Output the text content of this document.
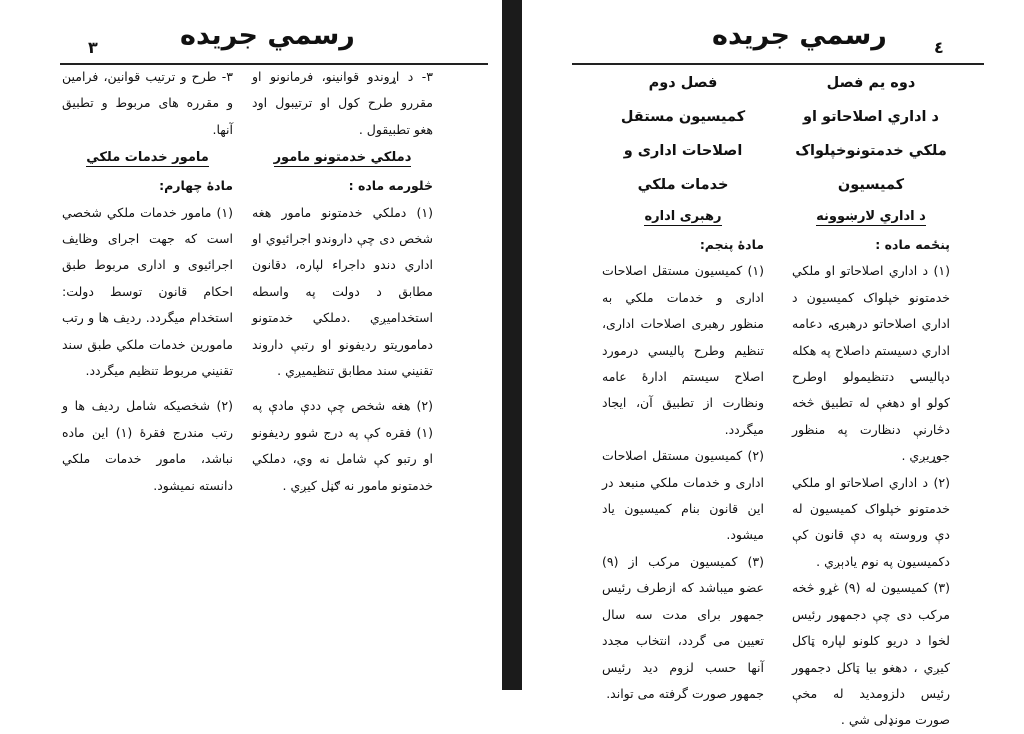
رسمي جريده
٣

٣- د اړوندو قوانينو، فرمانونو او مقررو طرح کول او ترتيبول اود هغو تطبيقول .

دملکي خدمتونو مامور

څلورمه ماده :

(١) دملکي خدمتونو مامور هغه شخص دی چې داروندو اجرائيوي او اداري دندو داجراء لپاره، دقانون مطابق د دولت په واسطه استخداميږي .دملکي خدمتونو دماموريتو رديفونو او رتبې داروند تقنيني سند مطابق تنظيميږي .

(٢) هغه شخص چې ددې مادې په (١) فقره کې په درج شوو رديفونو او رتبو کې شامل نه وي، دملکي خدمتونو مامور نه ګڼل کيږي .

٣- طرح و ترتيب قوانين، فرامين و مقرره هاى مربوط و تطبيق آنها.

مامور خدمات ملکي

مادهٔ چهارم:

(١) مامور خدمات ملکي شخصي است که جهت اجراى وظايف اجرائيوى و ادارى مربوط طبق احکام قانون توسط دولت: استخدام ميگردد. رديف ها و رتب مامورين خدمات ملکي طبق سند تقنيني مربوط تنظيم ميگردد.

(٢) شخصيکه شامل رديف ها و رتب مندرج فقرهٔ (١) اين ماده نباشد، مامور خدمات ملکي دانسته نميشود.

٤
رسمي جريده

دوه يم فصل

د اداري اصلاحاتو او ملکي خدمتونوخپلواک کميسيون

د اداري لارښوونه

پنځمه ماده :

(١) د اداري اصلاحاتو او ملکي خدمتونو خپلواک کميسيون د اداري اصلاحاتو درهبرۍ، دعامه اداري دسيستم داصلاح په هکله دپاليسۍ دتنظيمولو اوطرح کولو او دهغې له تطبيق څخه دڅارنې دنظارت په منظور جوړيږي .

(٢) د اداري اصلاحاتو او ملکي خدمتونو خپلواک کميسيون له دې وروسته په دې قانون کې دکميسيون په نوم يادېږي .

(٣) کميسيون له (٩) غړو څخه مرکب دی چې دجمهور رئيس لخوا د دريو کلونو لپاره ټاکل کيږي ، دهغو بيا ټاکل دجمهور رئيس دلزومديد له مخې صورت مونډلی شي .

فصل دوم

کميسيون مستقل اصلاحات اداری و خدمات ملکي

رهبرى اداره

مادهٔ پنجم:

(١) کميسيون مستقل اصلاحات ادارى و خدمات ملکي به منظور رهبرى اصلاحات ادارى، تنظيم وطرح پاليسي درمورد اصلاح سيستم ادارهٔ عامه ونظارت از تطبيق آن، ايجاد ميگردد.

(٢) کميسيون مستقل اصلاحات ادارى و خدمات ملکي منبعد در اين قانون بنام کميسيون ياد ميشود.

(٣) کميسيون مرکب از (٩) عضو ميباشد که ازطرف رئيس جمهور براى مدت سه سال تعيين مى گردد، انتخاب مجدد آنها حسب لزوم ديد رئيس جمهور صورت گرفته مى تواند.
